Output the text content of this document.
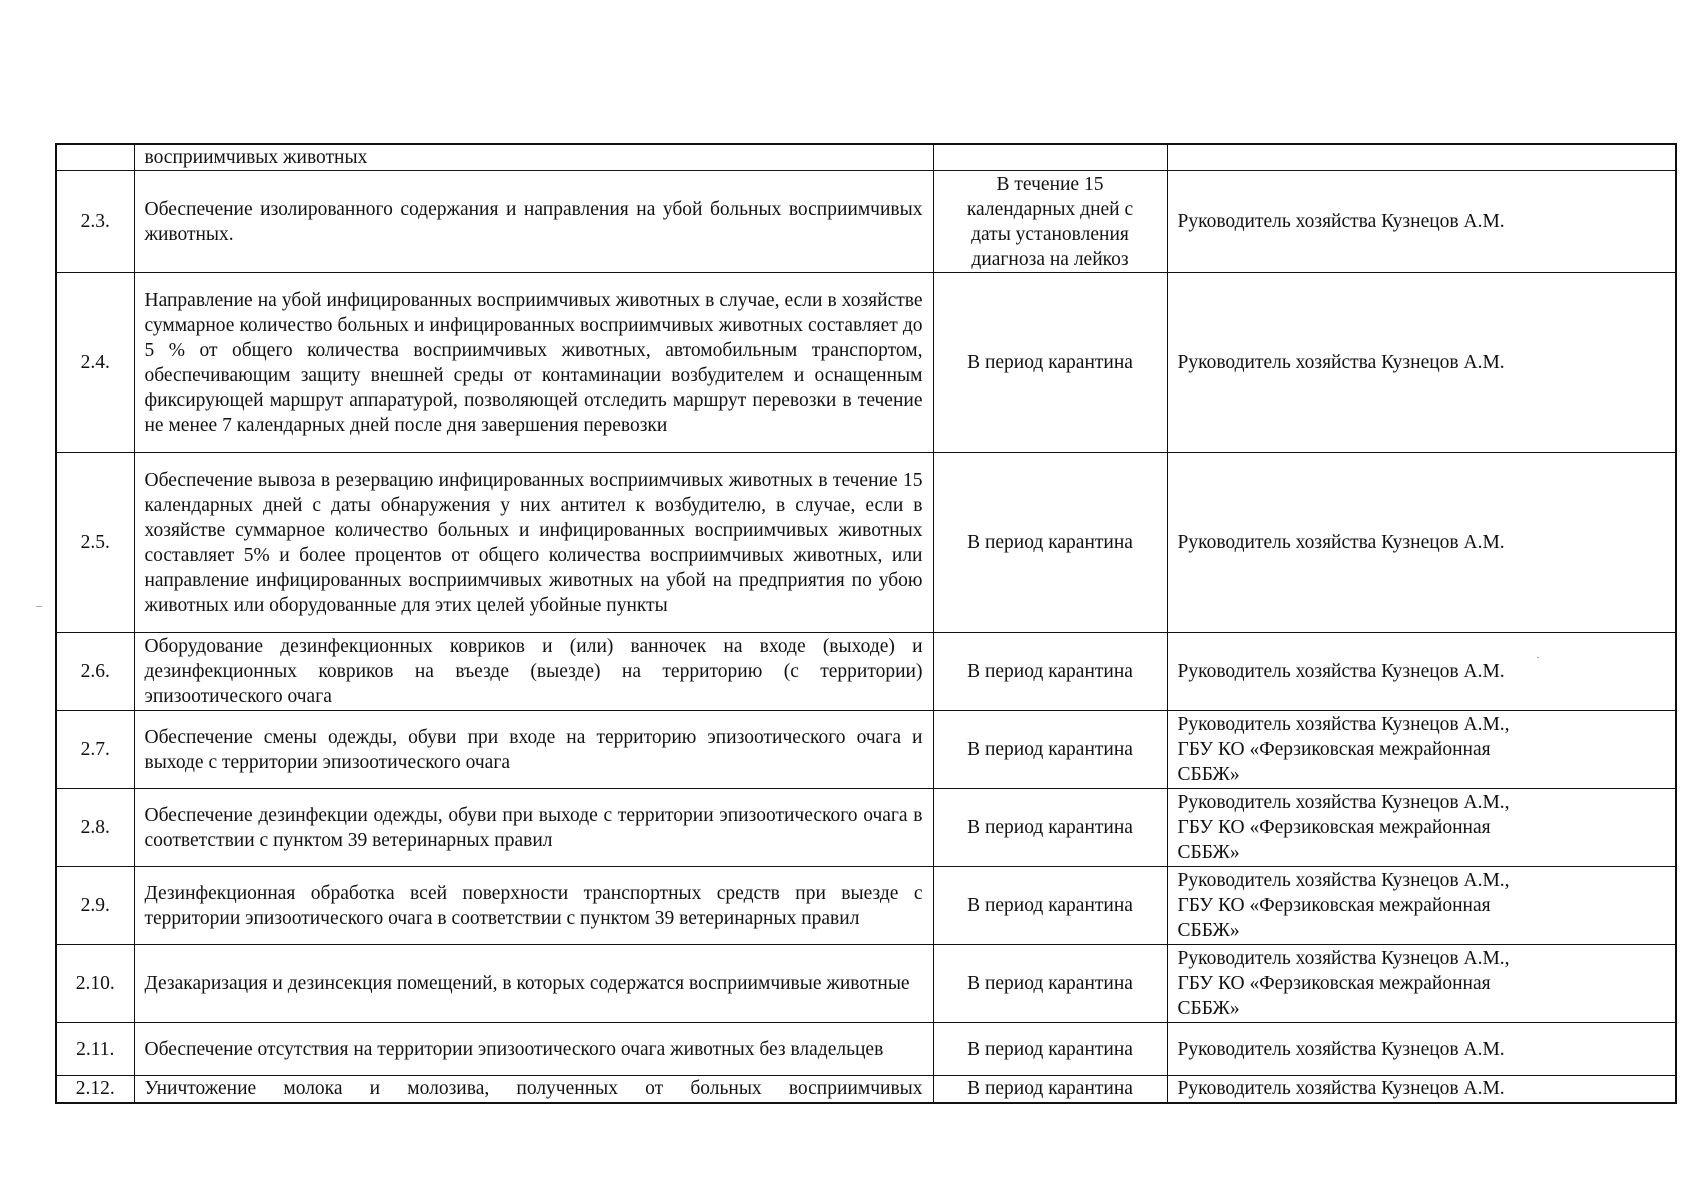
	восприимчивых животных		
2.3.	Обеспечение изолированного содержания и направления на убой больных восприимчивых животных.	В течение 15
календарных дней с
даты установления
диагноза на лейкоз	Руководитель хозяйства Кузнецов А.М.
2.4.	Направление на убой инфицированных восприимчивых животных в случае, если в хозяйстве суммарное количество больных и инфицированных восприимчивых животных составляет до 5 % от общего количества восприимчивых животных, автомобильным транспортом, обеспечивающим защиту внешней среды от контаминации возбудителем и оснащенным фиксирующей маршрут аппаратурой, позволяющей отследить маршрут перевозки в течение не менее 7 календарных дней после дня завершения перевозки	В период карантина	Руководитель хозяйства Кузнецов А.М.
2.5.	Обеспечение вывоза в резервацию инфицированных восприимчивых животных в течение 15 календарных дней с даты обнаружения у них антител к возбудителю, в случае, если в хозяйстве суммарное количество больных и инфицированных восприимчивых животных составляет 5% и более процентов от общего количества восприимчивых животных, или направление инфицированных восприимчивых животных на убой на предприятия по убою животных или оборудованные для этих целей убойные пункты	В период карантина	Руководитель хозяйства Кузнецов А.М.
2.6.	Оборудование дезинфекционных ковриков и (или) ванночек на входе (выходе) и дезинфекционных ковриков на въезде (выезде) на территорию (с территории) эпизоотического очага	В период карантина	Руководитель хозяйства Кузнецов А.М.
2.7.	Обеспечение смены одежды, обуви при входе на территорию эпизоотического очага и выходе с территории эпизоотического очага	В период карантина	Руководитель хозяйства Кузнецов А.М.,
ГБУ КО «Ферзиковская межрайонная
СББЖ»
2.8.	Обеспечение дезинфекции одежды, обуви при выходе с территории эпизоотического очага в соответствии с пунктом 39 ветеринарных правил	В период карантина	Руководитель хозяйства Кузнецов А.М.,
ГБУ КО «Ферзиковская межрайонная
СББЖ»
2.9.	Дезинфекционная обработка всей поверхности транспортных средств при выезде с территории эпизоотического очага в соответствии с пунктом 39 ветеринарных правил	В период карантина	Руководитель хозяйства Кузнецов А.М.,
ГБУ КО «Ферзиковская межрайонная
СББЖ»
2.10.	Дезакаризация и дезинсекция помещений, в которых содержатся восприимчивые животные	В период карантина	Руководитель хозяйства Кузнецов А.М.,
ГБУ КО «Ферзиковская межрайонная
СББЖ»
2.11.	Обеспечение отсутствия на территории эпизоотического очага животных без владельцев	В период карантина	Руководитель хозяйства Кузнецов А.М.
2.12.	Уничтожение молока и молозива, полученных от больных восприимчивых	В период карантина	Руководитель хозяйства Кузнецов А.М.
–
·
